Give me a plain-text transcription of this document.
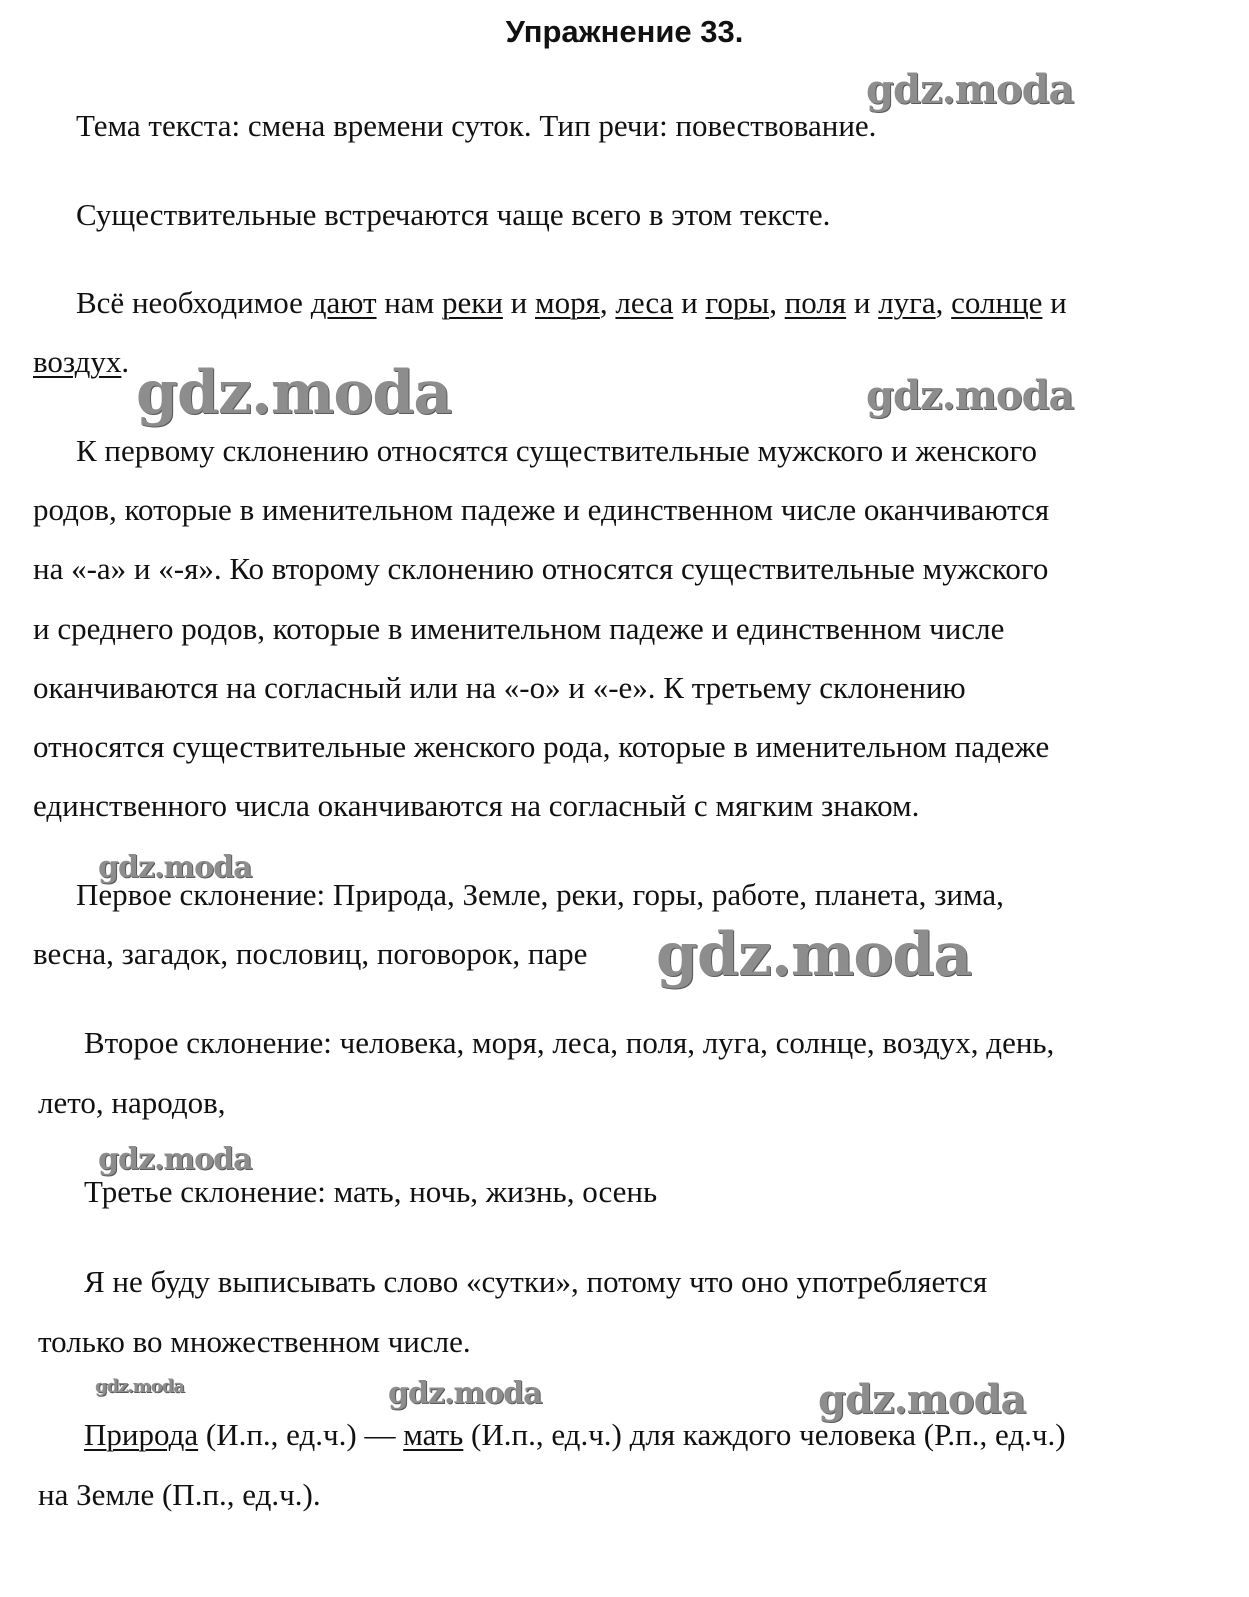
Упражнение 33.
gdz.moda
gdz.moda	gdz.moda
gdz.moda
gdz.moda
gdz.moda
gdz.moda	gdz.moda	gdz.moda

Тема текста: смена времени суток. Тип речи: повествование.

Существительные встречаются чаще всего в этом тексте.

Всё необходимое дают нам реки и моря, леса и горы, поля и луга, солнце и

воздух.

К первому склонению относятся существительные мужского и женского

родов, которые в именительном падеже и единственном числе оканчиваются

на «-а» и «-я». Ко второму склонению относятся существительные мужского

и среднего родов, которые в именительном падеже и единственном числе

оканчиваются на согласный или на «-о» и «-е». К третьему склонению

относятся существительные женского рода, которые в именительном падеже

единственного числа оканчиваются на согласный с мягким знаком.

Первое склонение: Природа, Земле, реки, горы, работе, планета, зима,

весна, загадок, пословиц, поговорок, паре

Второе склонение: человека, моря, леса, поля, луга, солнце, воздух, день,

лето, народов,

Третье склонение: мать, ночь, жизнь, осень

Я не буду выписывать слово «сутки», потому что оно употребляется

только во множественном числе.

Природа (И.п., ед.ч.) — мать (И.п., ед.ч.) для каждого человека (Р.п., ед.ч.)

на Земле (П.п., ед.ч.).
